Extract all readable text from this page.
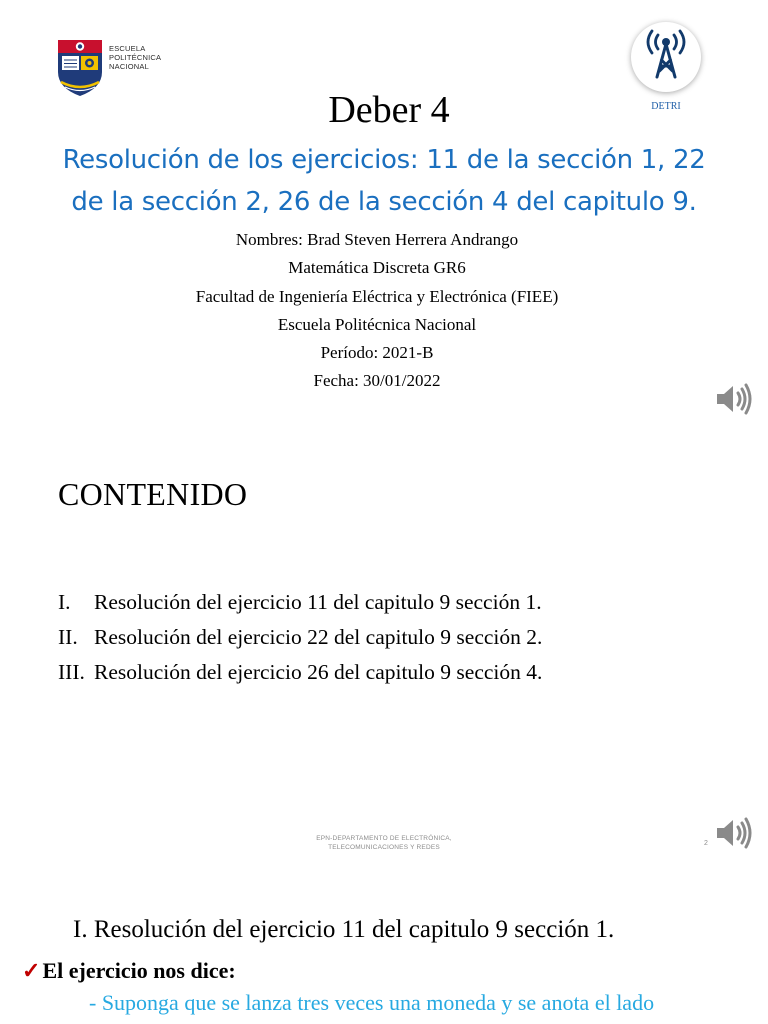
ESCUELA
POLITÉCNICA
NACIONAL
DETRI
Deber 4
Resolución de los ejercicios: 11 de la sección 1, 22
de la sección 2, 26 de la sección 4 del capitulo 9.
Nombres: Brad Steven Herrera Andrango
Matemática Discreta GR6
Facultad de Ingeniería Eléctrica y Electrónica (FIEE)
Escuela Politécnica Nacional
Período: 2021-B
Fecha: 30/01/2022
CONTENIDO
I.	Resolución del ejercicio 11 del capitulo 9 sección 1.
II. Resolución del ejercicio 22 del capitulo 9 sección 2.
III. Resolución del ejercicio 26 del capitulo 9 sección 4.
EPN-DEPARTAMENTO DE ELECTRÓNICA,
TELECOMUNICACIONES Y REDES
2
I. Resolución del ejercicio 11 del capitulo 9 sección 1.
✓El ejercicio nos dice:
- Suponga que se lanza tres veces una moneda y se anota el lado
